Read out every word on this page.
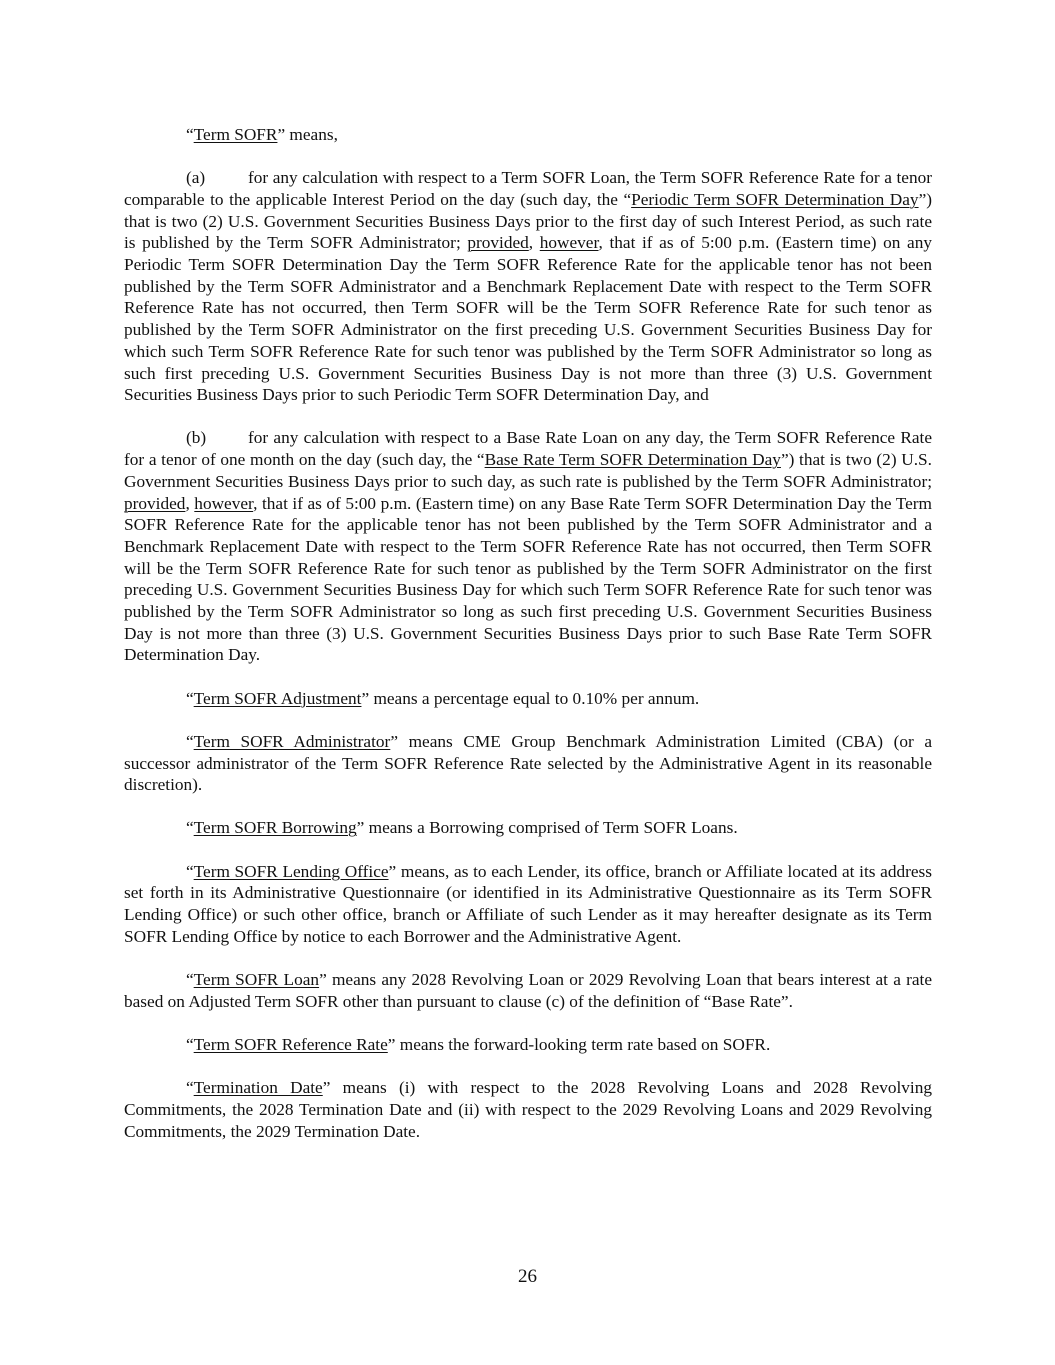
“Term SOFR” means,

(a) for any calculation with respect to a Term SOFR Loan, the Term SOFR Reference Rate for a tenor comparable to the applicable Interest Period on the day (such day, the “Periodic Term SOFR Determination Day”) that is two (2) U.S. Government Securities Business Days prior to the first day of such Interest Period, as such rate is published by the Term SOFR Administrator; provided, however, that if as of 5:00 p.m. (Eastern time) on any Periodic Term SOFR Determination Day the Term SOFR Reference Rate for the applicable tenor has not been published by the Term SOFR Administrator and a Benchmark Replacement Date with respect to the Term SOFR Reference Rate has not occurred, then Term SOFR will be the Term SOFR Reference Rate for such tenor as published by the Term SOFR Administrator on the first preceding U.S. Government Securities Business Day for which such Term SOFR Reference Rate for such tenor was published by the Term SOFR Administrator so long as such first preceding U.S. Government Securities Business Day is not more than three (3) U.S. Government Securities Business Days prior to such Periodic Term SOFR Determination Day, and

(b) for any calculation with respect to a Base Rate Loan on any day, the Term SOFR Reference Rate for a tenor of one month on the day (such day, the “Base Rate Term SOFR Determination Day”) that is two (2) U.S. Government Securities Business Days prior to such day, as such rate is published by the Term SOFR Administrator; provided, however, that if as of 5:00 p.m. (Eastern time) on any Base Rate Term SOFR Determination Day the Term SOFR Reference Rate for the applicable tenor has not been published by the Term SOFR Administrator and a Benchmark Replacement Date with respect to the Term SOFR Reference Rate has not occurred, then Term SOFR will be the Term SOFR Reference Rate for such tenor as published by the Term SOFR Administrator on the first preceding U.S. Government Securities Business Day for which such Term SOFR Reference Rate for such tenor was published by the Term SOFR Administrator so long as such first preceding U.S. Government Securities Business Day is not more than three (3) U.S. Government Securities Business Days prior to such Base Rate Term SOFR Determination Day.

“Term SOFR Adjustment” means a percentage equal to 0.10% per annum.

“Term SOFR Administrator” means CME Group Benchmark Administration Limited (CBA) (or a successor administrator of the Term SOFR Reference Rate selected by the Administrative Agent in its reasonable discretion).

“Term SOFR Borrowing” means a Borrowing comprised of Term SOFR Loans.

“Term SOFR Lending Office” means, as to each Lender, its office, branch or Affiliate located at its address set forth in its Administrative Questionnaire (or identified in its Administrative Questionnaire as its Term SOFR Lending Office) or such other office, branch or Affiliate of such Lender as it may hereafter designate as its Term SOFR Lending Office by notice to each Borrower and the Administrative Agent.

“Term SOFR Loan” means any 2028 Revolving Loan or 2029 Revolving Loan that bears interest at a rate based on Adjusted Term SOFR other than pursuant to clause (c) of the definition of “Base Rate”.

“Term SOFR Reference Rate” means the forward-looking term rate based on SOFR.

“Termination Date” means (i) with respect to the 2028 Revolving Loans and 2028 Revolving Commitments, the 2028 Termination Date and (ii) with respect to the 2029 Revolving Loans and 2029 Revolving Commitments, the 2029 Termination Date.

26
